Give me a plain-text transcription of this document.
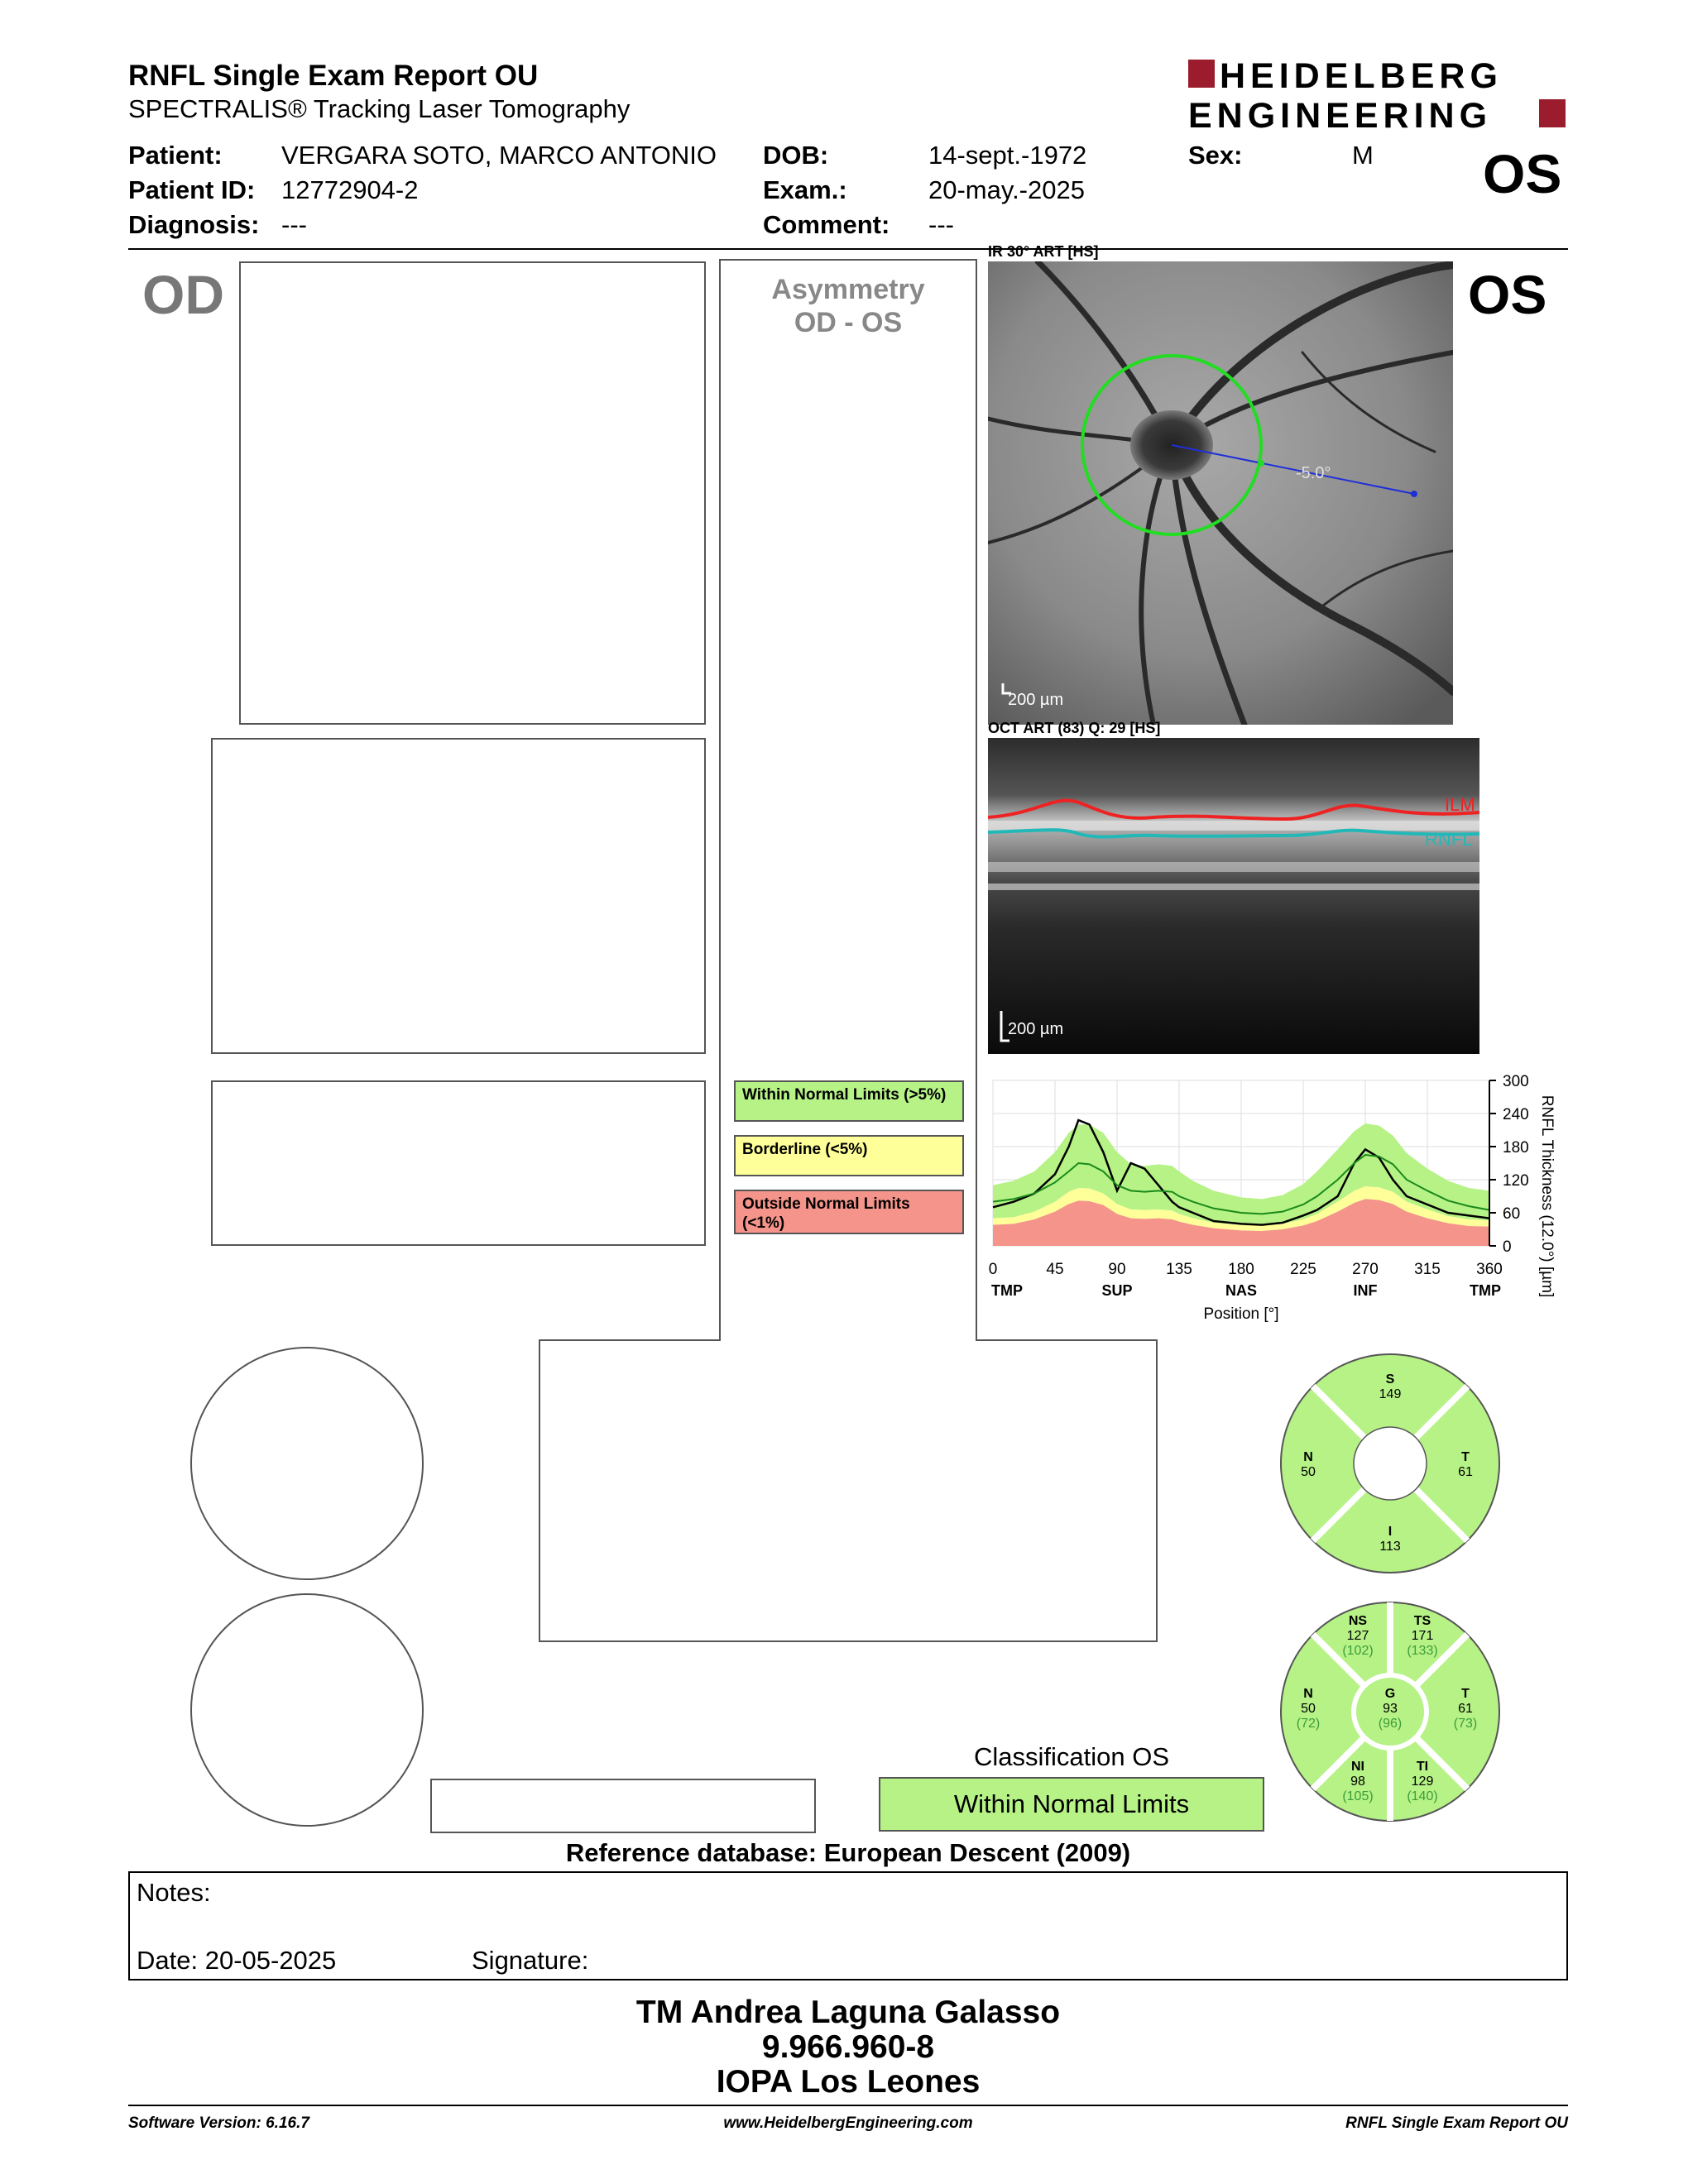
RNFL Single Exam Report OU
SPECTRALIS® Tracking Laser Tomography
HEIDELBERG
ENGINEERING
Patient: VERGARA SOTO, MARCO ANTONIO
Patient ID: 12772904-2
Diagnosis: ---
DOB:	14-sept.-1972
Exam.:	20-may.-2025
Comment: ---
Sex:	M OS
OD	Asymmetry
OD - OS
Within Normal Limits (>5%)
Borderline (<5%)
Outside Normal Limits
(<1%)
OS
IR 30° ART [HS]
-5.0°
200 µm
OCT ART (83) Q: 29 [HS]
ILM
RNFL
200 µm
300
240
180
120
60
0
0	45	90	135 180 225 270 315 360
TMP	SUP	NAS	INF	TMP
Position [°]
RNFL Thickness (12.0°) [µm]
S
149
N
50
T
61
I
113
NS
127
(102)
TS
171
(133)
N
50
(72)
G
93
(96)
T
61
(73)
NI
98
(105)
TI
129
(140)
Classification OS
Within Normal Limits
Reference database: European Descent (2009)
Notes:
Date: 20-05-2025	Signature:
TM Andrea Laguna Galasso
9.966.960-8
IOPA Los Leones
Software Version: 6.16.7	www.HeidelbergEngineering.com	RNFL Single Exam Report OU
